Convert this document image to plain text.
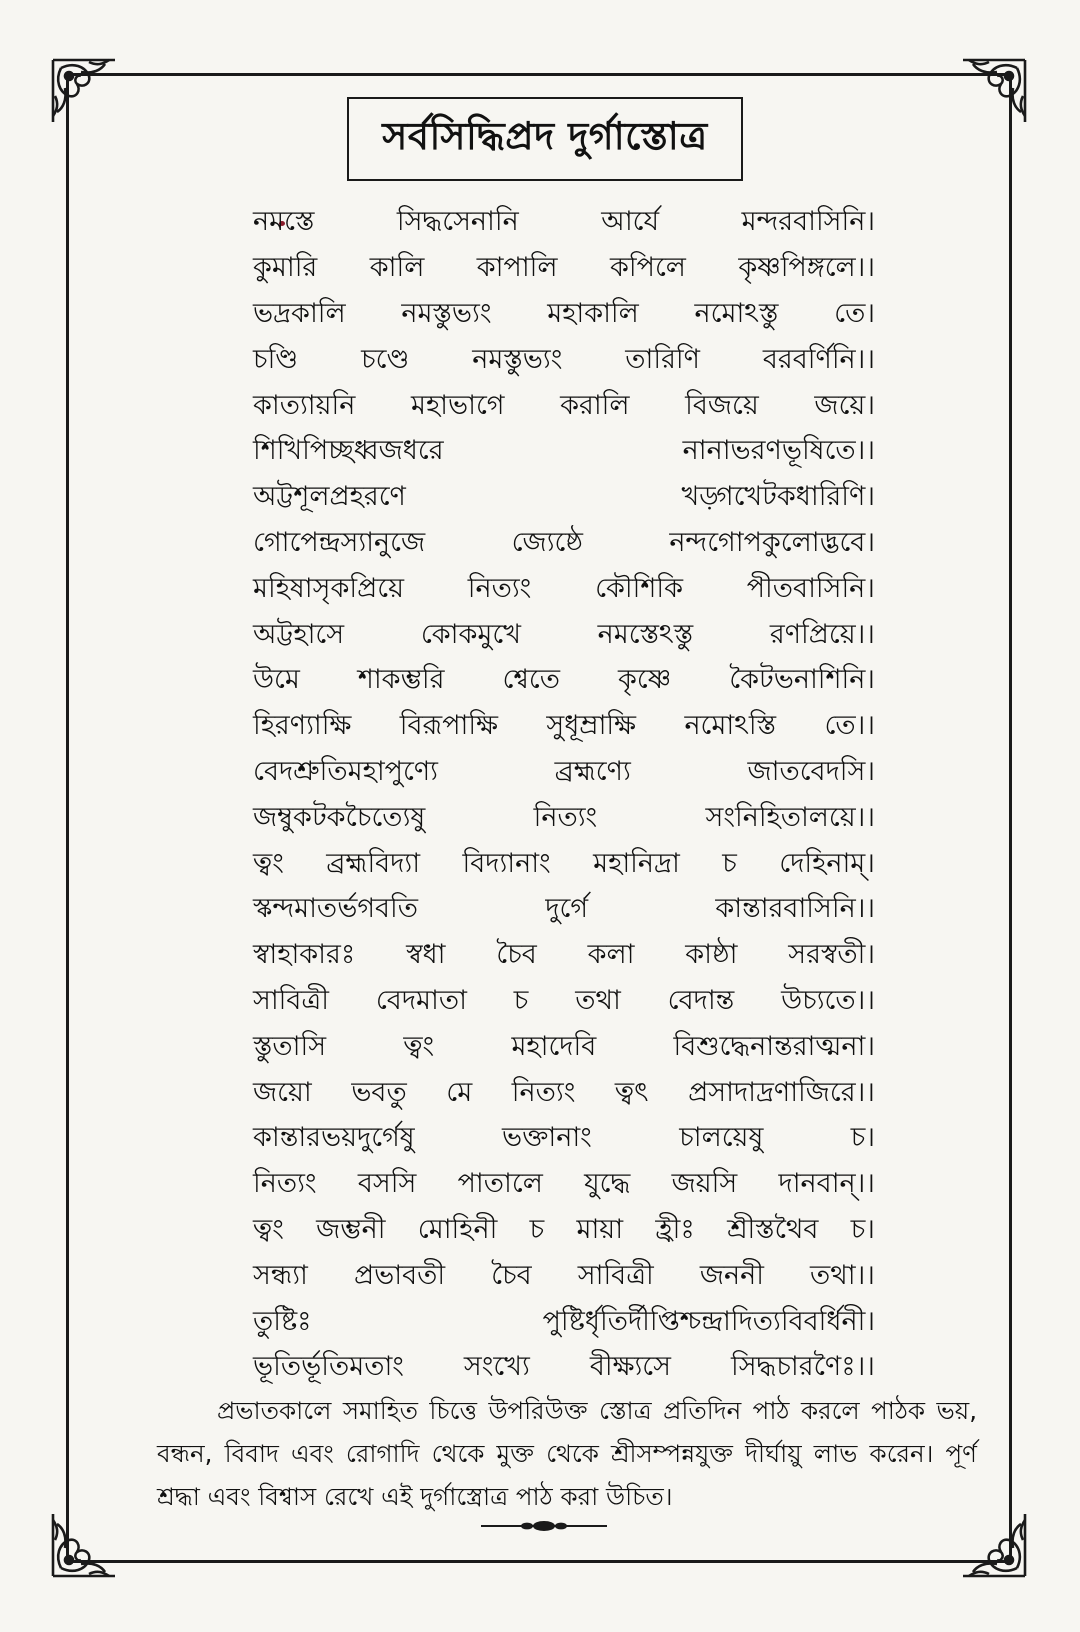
সর্বসিদ্ধিপ্রদ দুর্গাস্তোত্র
নমস্তে	সিদ্ধসেনানি	আর্যে	মন্দরবাসিনি।
কুমারি কালি কাপালি কপিলে কৃষ্ণপিঙ্গলে।।
ভদ্রকালি নমস্তুভ্যং মহাকালি নমোঽস্তু তে।
চণ্ডি চণ্ডে নমস্তুভ্যং তারিণি বরবর্ণিনি।।
কাত্যায়নি মহাভাগে করালি বিজয়ে জয়ে।
শিখিপিচ্ছধ্বজধরে	নানাভরণভূষিতে।।
অট্টশূলপ্রহরণে	খড়্গখেটকধারিণি।
গোপেন্দ্রস্যানুজে	জ্যেষ্ঠে	নন্দগোপকুলোদ্ভবে।
মহিষাসৃকপ্রিয়ে নিত্যং কৌশিকি পীতবাসিনি।
অট্টহাসে	কোকমুখে	নমস্তেঽস্তু	রণপ্রিয়ে।।
উমে শাকম্ভরি শ্বেতে কৃষ্ণে কৈটভনাশিনি।
হিরণ্যাক্ষি বিরূপাক্ষি সুধূম্রাক্ষি নমোঽস্তি তে।।
বেদশ্রুতিমহাপুণ্যে	ব্রহ্মণ্যে	জাতবেদসি।
জম্বুকটকচৈত্যেষু	নিত্যং	সংনিহিতালয়ে।।
ত্বং ব্রহ্মবিদ্যা বিদ্যানাং মহানিদ্রা চ দেহিনাম্।
স্কন্দমাতর্ভগবতি	দুর্গে	কান্তারবাসিনি।।
স্বাহাকারঃ স্বধা চৈব কলা কাষ্ঠা সরস্বতী।
সাবিত্রী বেদমাতা চ তথা বেদান্ত উচ্যতে।।
স্তুতাসি	ত্বং	মহাদেবি	বিশুদ্ধেনান্তরাত্মনা।
জয়ো ভবতু মে নিত্যং ত্বৎ প্রসাদাদ্রণাজিরে।।
কান্তারভয়দুর্গেষু	ভক্তানাং	চালয়েষু	চ।
নিত্যং বসসি পাতালে যুদ্ধে জয়সি দানবান্।।
ত্বং জম্ভনী মোহিনী চ মায়া হ্রীঃ শ্রীস্তথৈব চ।
সন্ধ্যা প্রভাবতী চৈব সাবিত্রী জননী তথা।।
তুষ্টিঃ	পুষ্টির্ধৃতির্দীপ্তিশ্চন্দ্রাদিত্যবিবর্ধিনী।
ভূতির্ভূতিমতাং সংখ্যে বীক্ষ্যসে সিদ্ধচারণৈঃ।।

প্রভাতকালে সমাহিত চিত্তে উপরিউক্ত স্তোত্র প্রতিদিন পাঠ করলে পাঠক ভয়, বন্ধন, বিবাদ এবং রোগাদি থেকে মুক্ত থেকে শ্রীসম্পন্নযুক্ত দীর্ঘায়ু লাভ করেন। পূর্ণ শ্রদ্ধা এবং বিশ্বাস রেখে এই দুর্গাস্ত্রোত্র পাঠ করা উচিত।
